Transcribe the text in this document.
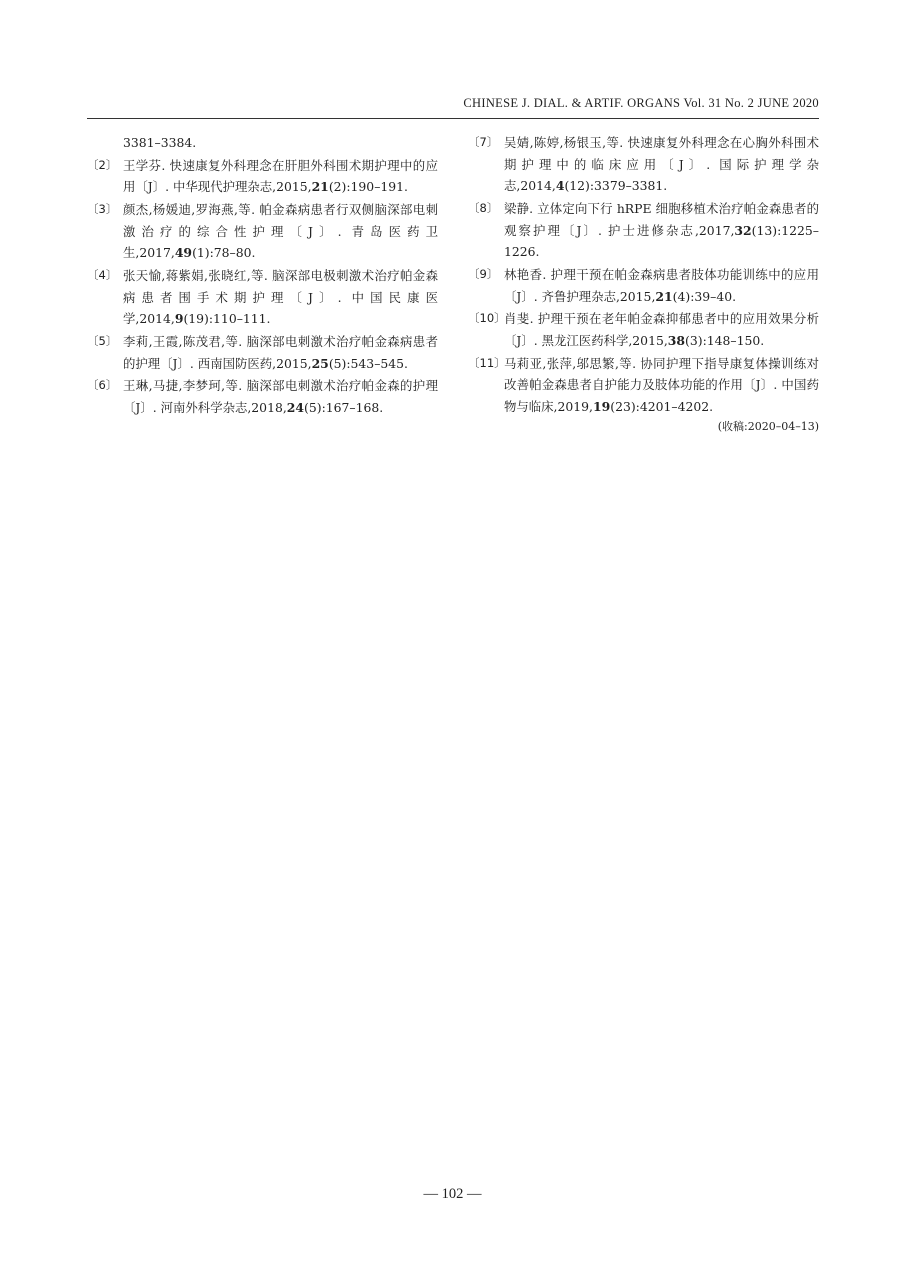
CHINESE J. DIAL. & ARTIF. ORGANS Vol. 31 No. 2 JUNE 2020
3381–3384.
〔2〕 王学芬. 快速康复外科理念在肝胆外科围术期护理中的应用〔J〕. 中华现代护理杂志,2015,21(2):190–191.
〔3〕 颜杰,杨媛迪,罗海燕,等. 帕金森病患者行双侧脑深部电刺激治疗的综合性护理〔J〕. 青岛医药卫生,2017,49(1):78–80.
〔4〕 张天愉,蒋紫娟,张晓红,等. 脑深部电极刺激术治疗帕金森病患者围手术期护理〔J〕. 中国民康医学,2014,9(19):110–111.
〔5〕 李莉,王霞,陈茂君,等. 脑深部电刺激术治疗帕金森病患者的护理〔J〕. 西南国防医药,2015,25(5):543–545.
〔6〕 王琳,马捷,李梦珂,等. 脑深部电刺激术治疗帕金森的护理〔J〕. 河南外科学杂志,2018,24(5):167–168.
〔7〕 吴婧,陈婷,杨银玉,等. 快速康复外科理念在心胸外科围术期护理中的临床应用〔J〕. 国际护理学杂志,2014,4(12):3379–3381.
〔8〕 梁静. 立体定向下行 hRPE 细胞移植术治疗帕金森患者的观察护理〔J〕. 护士进修杂志,2017,32(13):1225–1226.
〔9〕 林艳香. 护理干预在帕金森病患者肢体功能训练中的应用〔J〕. 齐鲁护理杂志,2015,21(4):39–40.
〔10〕
肖斐. 护理干预在老年帕金森抑郁患者中的应用效果分析〔J〕. 黑龙江医药科学,2015,38(3):148–150.
〔11〕
马莉亚,张萍,邬思繁,等. 协同护理下指导康复体操训练对改善帕金森患者自护能力及肢体功能的作用〔J〕. 中国药物与临床,2019,19(23):4201–4202.
(收稿:2020–04–13)
— 102 —
